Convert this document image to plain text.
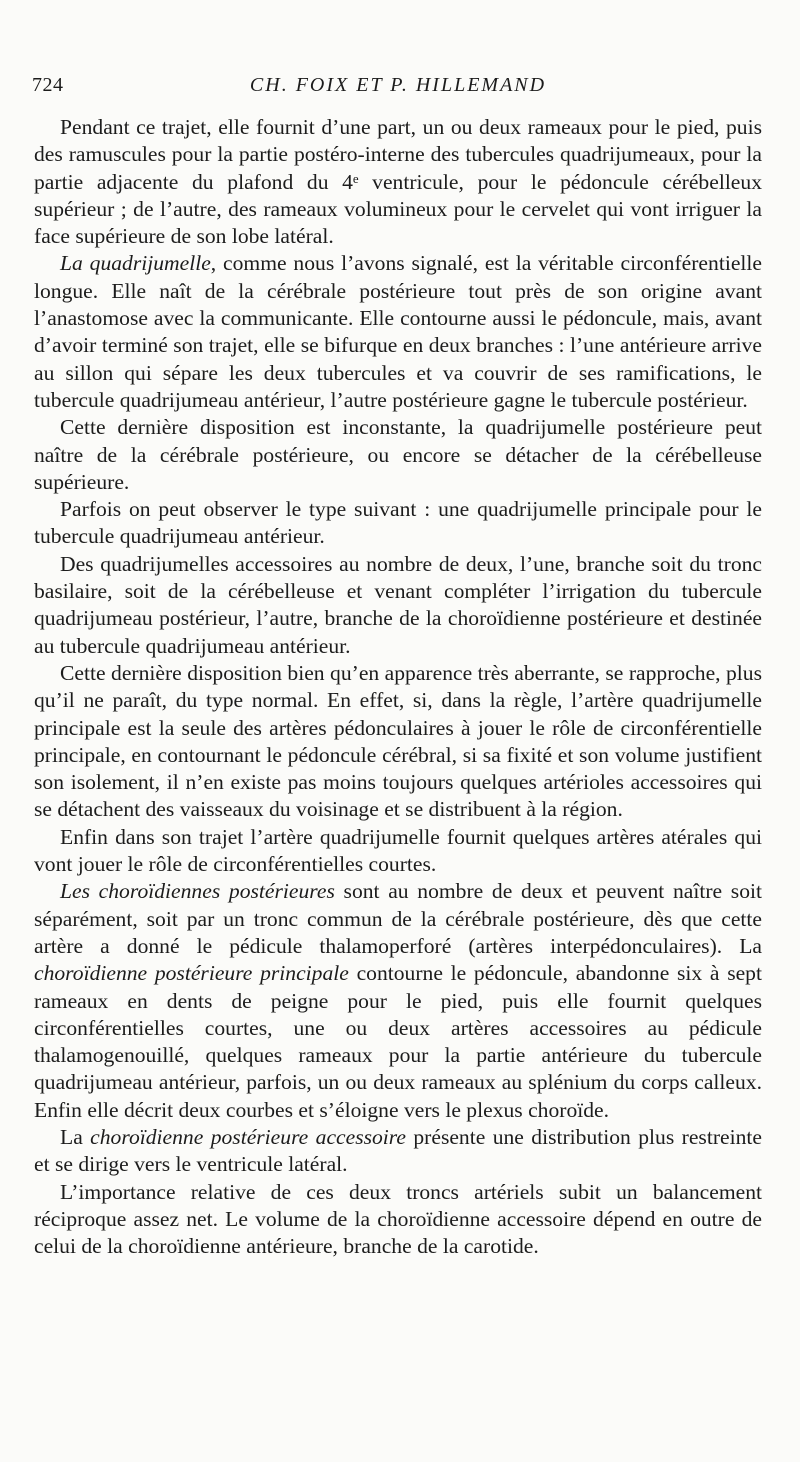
724	CH. FOIX ET P. HILLEMAND

Pendant ce trajet, elle fournit d’une part, un ou deux rameaux pour le pied, puis des ramuscules pour la partie postéro-interne des tubercules quadrijumeaux, pour la partie adjacente du plafond du 4ᵉ ventricule, pour le pédoncule cérébelleux supérieur ; de l’autre, des rameaux volumineux pour le cervelet qui vont irriguer la face supérieure de son lobe latéral.

La quadrijumelle, comme nous l’avons signalé, est la véritable circonférentielle longue. Elle naît de la cérébrale postérieure tout près de son origine avant l’anastomose avec la communicante. Elle contourne aussi le pédoncule, mais, avant d’avoir terminé son trajet, elle se bifurque en deux branches : l’une antérieure arrive au sillon qui sépare les deux tubercules et va couvrir de ses ramifications, le tubercule quadrijumeau antérieur, l’autre postérieure gagne le tubercule postérieur.

Cette dernière disposition est inconstante, la quadrijumelle postérieure peut naître de la cérébrale postérieure, ou encore se détacher de la cérébelleuse supérieure.

Parfois on peut observer le type suivant : une quadrijumelle principale pour le tubercule quadrijumeau antérieur.

Des quadrijumelles accessoires au nombre de deux, l’une, branche soit du tronc basilaire, soit de la cérébelleuse et venant compléter l’irrigation du tubercule quadrijumeau postérieur, l’autre, branche de la choroïdienne postérieure et destinée au tubercule quadrijumeau antérieur.

Cette dernière disposition bien qu’en apparence très aberrante, se rapproche, plus qu’il ne paraît, du type normal. En effet, si, dans la règle, l’artère quadrijumelle principale est la seule des artères pédonculaires à jouer le rôle de circonférentielle principale, en contournant le pédoncule cérébral, si sa fixité et son volume justifient son isolement, il n’en existe pas moins toujours quelques artérioles accessoires qui se détachent des vaisseaux du voisinage et se distribuent à la région.

Enfin dans son trajet l’artère quadrijumelle fournit quelques artères atérales qui vont jouer le rôle de circonférentielles courtes.

Les choroïdiennes postérieures sont au nombre de deux et peuvent naître soit séparément, soit par un tronc commun de la cérébrale postérieure, dès que cette artère a donné le pédicule thalamoperforé (artères interpédonculaires). La choroïdienne postérieure principale contourne le pédoncule, abandonne six à sept rameaux en dents de peigne pour le pied, puis elle fournit quelques circonférentielles courtes, une ou deux artères accessoires au pédicule thalamogenouillé, quelques rameaux pour la partie antérieure du tubercule quadrijumeau antérieur, parfois, un ou deux rameaux au splénium du corps calleux. Enfin elle décrit deux courbes et s’éloigne vers le plexus choroïde.

La choroïdienne postérieure accessoire présente une distribution plus restreinte et se dirige vers le ventricule latéral.

L’importance relative de ces deux troncs artériels subit un balancement réciproque assez net. Le volume de la choroïdienne accessoire dépend en outre de celui de la choroïdienne antérieure, branche de la carotide.
